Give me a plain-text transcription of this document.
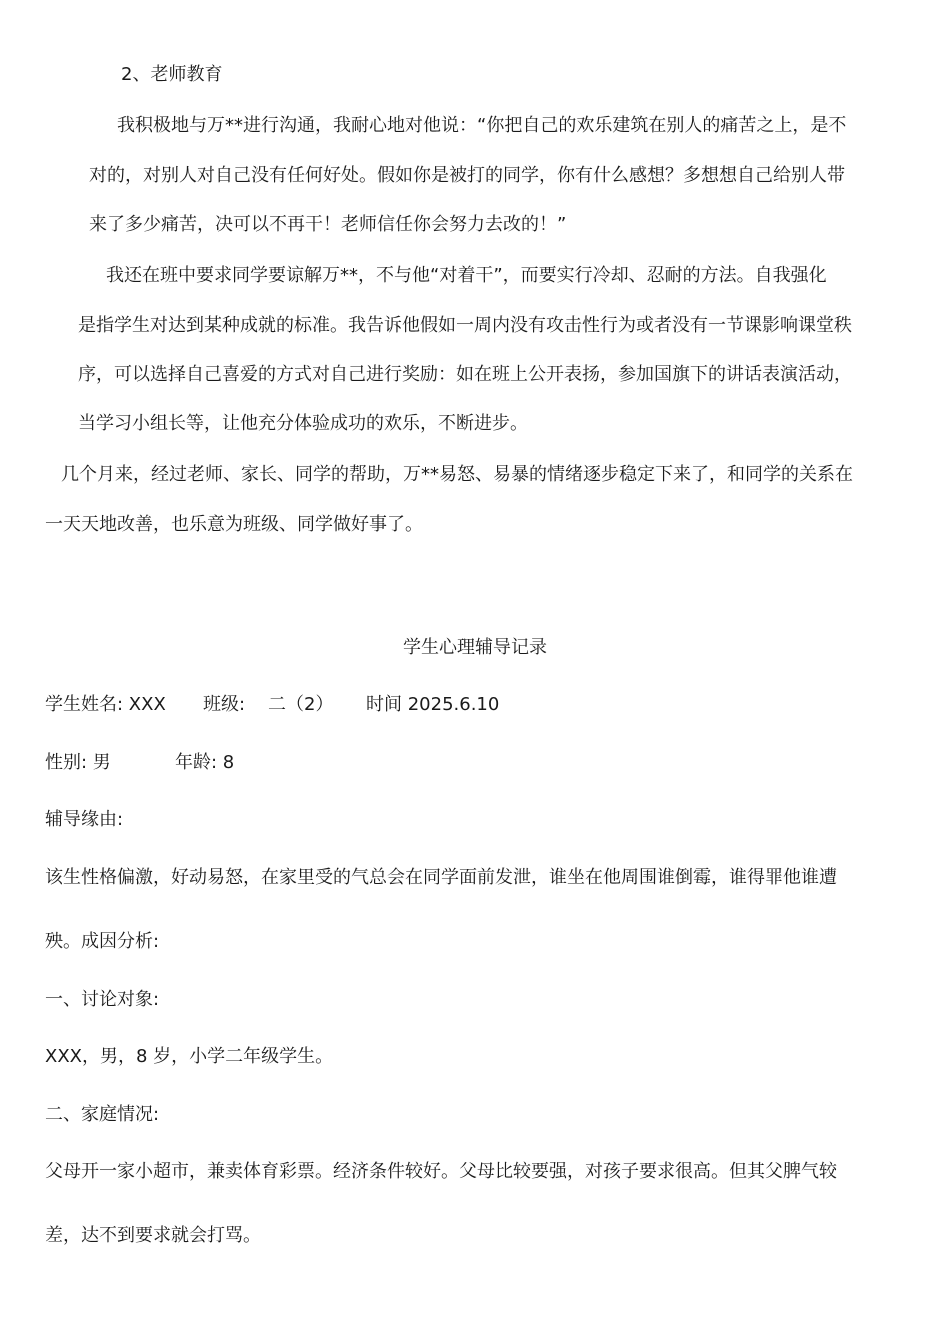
2、老师教育
我积极地与万**进行沟通，我耐心地对他说：“你把自己的欢乐建筑在别人的痛苦之上，是不
对的，对别人对自己没有任何好处。假如你是被打的同学，你有什么感想？多想想自己给别人带
来了多少痛苦，决可以不再干！老师信任你会努力去改的！”
我还在班中要求同学要谅解万**，不与他“对着干”，而要实行冷却、忍耐的方法。自我强化
是指学生对达到某种成就的标准。我告诉他假如一周内没有攻击性行为或者没有一节课影响课堂秩
序，可以选择自己喜爱的方式对自己进行奖励：如在班上公开表扬，参加国旗下的讲话表演活动，
当学习小组长等，让他充分体验成功的欢乐，不断进步。
几个月来，经过老师、家长、同学的帮助，万**易怒、易暴的情绪逐步稳定下来了，和同学的关系在
一天天地改善，也乐意为班级、同学做好事了。
学生心理辅导记录
学生姓名: XXX 班级: 二（2） 时间 2025.6.10
性别: 男	年龄: 8
辅导缘由:
该生性格偏激，好动易怒，在家里受的气总会在同学面前发泄，谁坐在他周围谁倒霉，谁得罪他谁遭
殃。成因分析:
一、讨论对象:
XXX，男，8 岁，小学二年级学生。
二、家庭情况:
父母开一家小超市，兼卖体育彩票。经济条件较好。父母比较要强，对孩子要求很高。但其父脾气较
差，达不到要求就会打骂。
